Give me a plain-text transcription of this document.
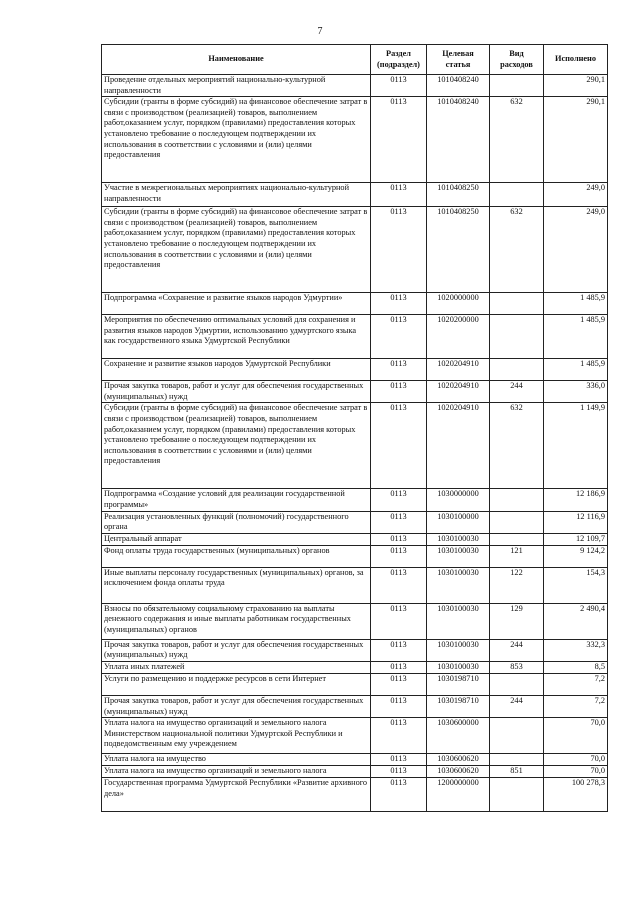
7
Наименование	Раздел (подраздел)	Целевая статья	Вид расходов	Исполнено
Проведение отдельных мероприятий национально-культурной направленности	0113	1010408240		290,1
Субсидии (гранты в форме субсидий) на финансовое обеспечение затрат в связи с производством (реализацией) товаров, выполнением работ,оказанием услуг, порядком (правилами) предоставления которых установлено требование о последующем подтверждении их использования в соответствии с условиями и (или) целями предоставления	0113	1010408240	632	290,1
Участие в межрегиональных мероприятиях национально-культурной направленности	0113	1010408250		249,0
Субсидии (гранты в форме субсидий) на финансовое обеспечение затрат в связи с производством (реализацией) товаров, выполнением работ,оказанием услуг, порядком (правилами) предоставления которых установлено требование о последующем подтверждении их использования в соответствии с условиями и (или) целями предоставления	0113	1010408250	632	249,0
Подпрограмма «Сохранение и развитие языков народов Удмуртии»	0113	1020000000		1 485,9
Мероприятия по обеспечению оптимальных условий для сохранения и развития языков народов Удмуртии, использованию удмуртского языка как государственного языка Удмуртской Республики	0113	1020200000		1 485,9
Сохранение и развитие языков народов Удмуртской Республики	0113	1020204910		1 485,9
Прочая закупка товаров, работ и услуг для обеспечения государственных (муниципальных) нужд	0113	1020204910	244	336,0
Субсидии (гранты в форме субсидий) на финансовое обеспечение затрат в связи с производством (реализацией) товаров, выполнением работ,оказанием услуг, порядком (правилами) предоставления которых установлено требование о последующем подтверждении их использования в соответствии с условиями и (или) целями предоставления	0113	1020204910	632	1 149,9
Подпрограмма «Создание условий для реализации государственной программы»	0113	1030000000		12 186,9
Реализация установленных функций (полномочий) государственного органа	0113	1030100000		12 116,9
Центральный аппарат	0113	1030100030		12 109,7
Фонд оплаты труда государственных (муниципальных) органов	0113	1030100030	121	9 124,2
Иные выплаты персоналу государственных (муниципальных) органов, за исключением фонда оплаты труда	0113	1030100030	122	154,3
Взносы по обязательному социальному страхованию на выплаты денежного содержания и иные выплаты работникам государственных (муниципальных) органов	0113	1030100030	129	2 490,4
Прочая закупка товаров, работ и услуг для обеспечения государственных (муниципальных) нужд	0113	1030100030	244	332,3
Уплата иных платежей	0113	1030100030	853	8,5
Услуги по размещению и поддержке ресурсов в сети Интернет	0113	1030198710		7,2
Прочая закупка товаров, работ и услуг для обеспечения государственных (муниципальных) нужд	0113	1030198710	244	7,2
Уплата налога на имущество организаций и земельного налога Министерством национальной политики Удмуртской Республики и подведомственным ему учреждением	0113	1030600000		70,0
Уплата налога на имущество	0113	1030600620		70,0
Уплата налога на имущество организаций и земельного налога	0113	1030600620	851	70,0
Государственная программа Удмуртской Республики «Развитие архивного дела»	0113	1200000000		100 278,3
